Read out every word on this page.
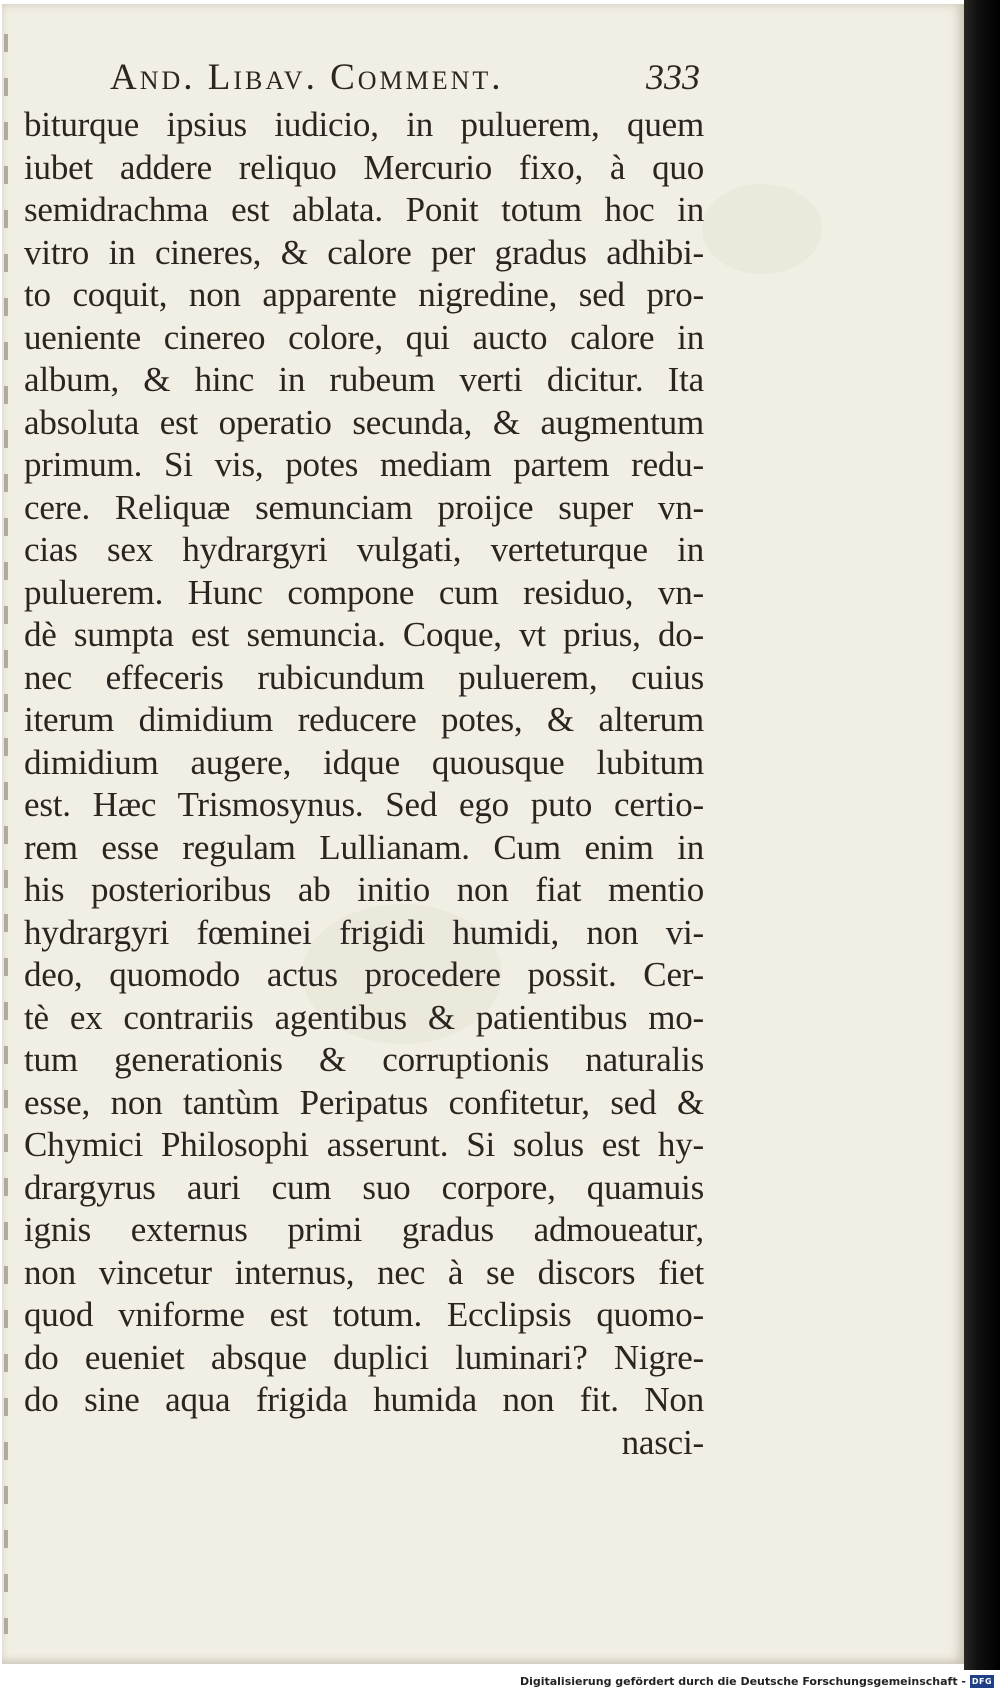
And. Libav. Comment.	333
biturque ipsius iudicio, in puluerem, quem
iubet addere reliquo Mercurio fixo, à quo
semidrachma est ablata. Ponit totum hoc in
vitro in cineres, & calore per gradus adhibi-
to coquit, non apparente nigredine, sed pro-
ueniente cinereo colore, qui aucto calore in
album, & hinc in rubeum verti dicitur. Ita
absoluta est operatio secunda, & augmentum
primum. Si vis, potes mediam partem redu-
cere. Reliquæ semunciam proijce super vn-
cias sex hydrargyri vulgati, verteturque in
puluerem. Hunc compone cum residuo, vn-
dè sumpta est semuncia. Coque, vt prius, do-
nec effeceris rubicundum puluerem, cuius
iterum dimidium reducere potes, & alterum
dimidium augere, idque quousque lubitum
est. Hæc Trismosynus. Sed ego puto certio-
rem esse regulam Lullianam. Cum enim in
his posterioribus ab initio non fiat mentio
hydrargyri fœminei frigidi humidi, non vi-
deo, quomodo actus procedere possit. Cer-
tè ex contrariis agentibus & patientibus mo-
tum generationis & corruptionis naturalis
esse, non tantùm Peripatus confitetur, sed &
Chymici Philosophi asserunt. Si solus est hy-
drargyrus auri cum suo corpore, quamuis
ignis externus primi gradus admoueatur,
non vincetur internus, nec à se discors fiet
quod vniforme est totum. Ecclipsis quomo-
do eueniet absque duplici luminari? Nigre-
do sine aqua frigida humida non fit. Non
nasci-
Digitalisierung gefördert durch die Deutsche Forschungsgemeinschaft - DFG
